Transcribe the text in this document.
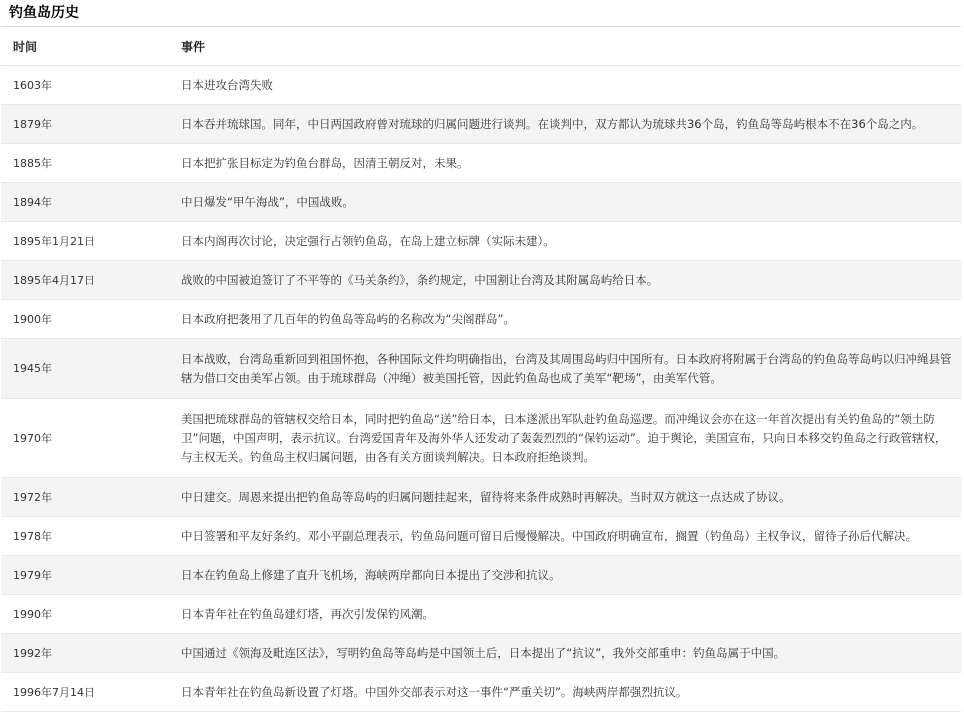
钓鱼岛历史
时间	事件
1603年	日本进攻台湾失败
1879年	日本吞并琉球国。同年，中日两国政府曾对琉球的归属问题进行谈判。在谈判中，双方都认为琉球共36个岛，钓鱼岛等岛屿根本不在36个岛之内。
1885年	日本把扩张目标定为钓鱼台群岛，因清王朝反对，未果。
1894年	中日爆发“甲午海战”，中国战败。
1895年1月21日	日本内阁再次讨论，决定强行占领钓鱼岛，在岛上建立标牌（实际未建）。
1895年4月17日	战败的中国被迫签订了不平等的《马关条约》，条约规定，中国割让台湾及其附属岛屿给日本。
1900年	日本政府把袭用了几百年的钓鱼岛等岛屿的名称改为“尖阁群岛”。
1945年	日本战败，台湾岛重新回到祖国怀抱，各种国际文件均明确指出，台湾及其周围岛屿归中国所有。日本政府将附属于台湾岛的钓鱼岛等岛屿以归冲绳县管辖为借口交由美军占领。由于琉球群岛（冲绳）被美国托管，因此钓鱼岛也成了美军“靶场”，由美军代管。
1970年	美国把琉球群岛的管辖权交给日本，同时把钓鱼岛“送”给日本，日本遂派出军队赴钓鱼岛巡逻。而冲绳议会亦在这一年首次提出有关钓鱼岛的“领土防卫”问题，中国声明，表示抗议。台湾爱国青年及海外华人还发动了轰轰烈烈的“保钓运动”。迫于舆论，美国宣布，只向日本移交钓鱼岛之行政管辖权，与主权无关。钓鱼岛主权归属问题，由各有关方面谈判解决。日本政府拒绝谈判。
1972年	中日建交。周恩来提出把钓鱼岛等岛屿的归属问题挂起来，留待将来条件成熟时再解决。当时双方就这一点达成了协议。
1978年	中日签署和平友好条约。邓小平副总理表示，钓鱼岛问题可留日后慢慢解决。中国政府明确宣布，搁置（钓鱼岛）主权争议，留待子孙后代解决。
1979年	日本在钓鱼岛上修建了直升飞机场，海峡两岸都向日本提出了交涉和抗议。
1990年	日本青年社在钓鱼岛建灯塔，再次引发保钓风潮。
1992年	中国通过《领海及毗连区法》，写明钓鱼岛等岛屿是中国领土后，日本提出了“抗议”，我外交部重申：钓鱼岛属于中国。
1996年7月14日	日本青年社在钓鱼岛新设置了灯塔。中国外交部表示对这一事件“严重关切”。海峡两岸都强烈抗议。
